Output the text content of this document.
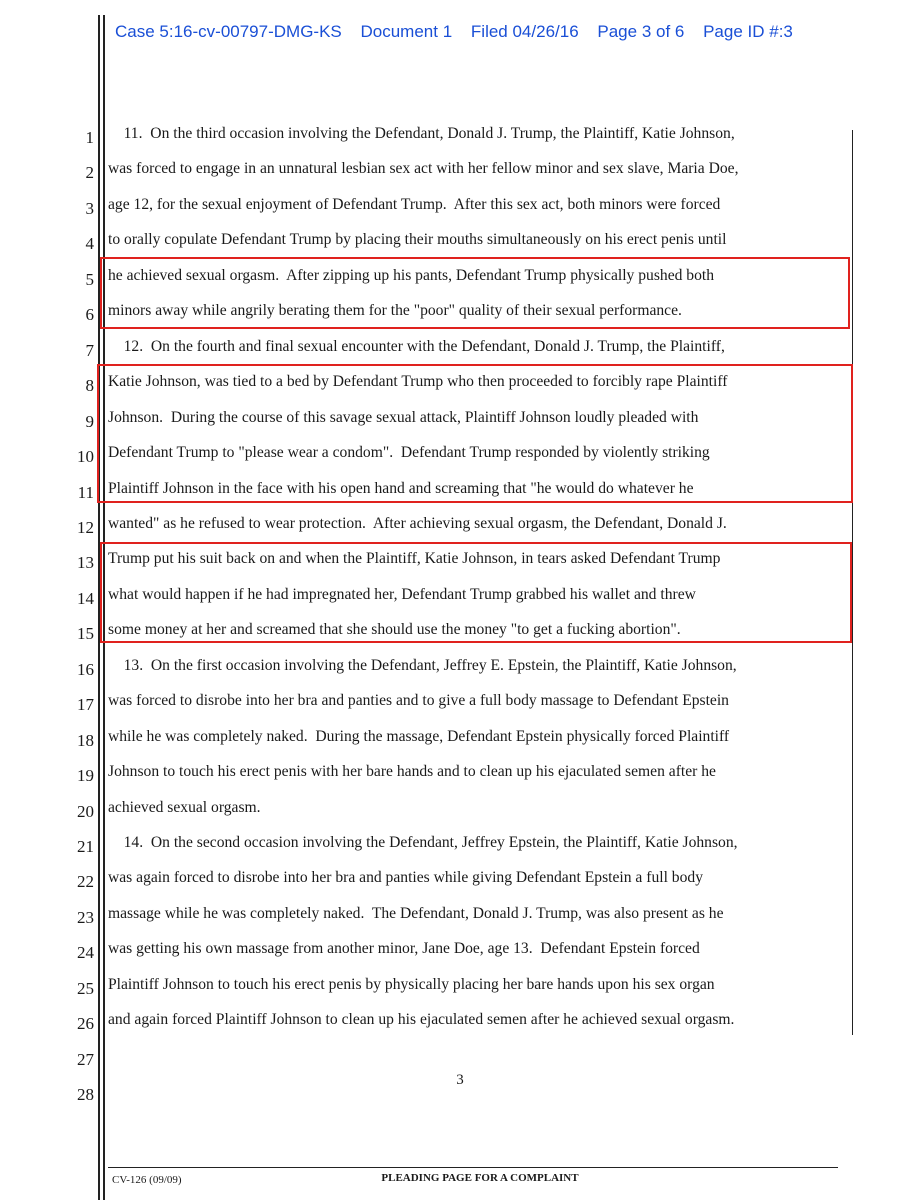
Case 5:16-cv-00797-DMG-KS Document 1 Filed 04/26/16 Page 3 of 6 Page ID #:3
1 11.  On the third occasion involving the Defendant, Donald J. Trump, the Plaintiff, Katie Johnson,
2 was forced to engage in an unnatural lesbian sex act with her fellow minor and sex slave, Maria Doe,
3 age 12, for the sexual enjoyment of Defendant Trump.  After this sex act, both minors were forced
4 to orally copulate Defendant Trump by placing their mouths simultaneously on his erect penis until
5 he achieved sexual orgasm.  After zipping up his pants, Defendant Trump physically pushed both
6 minors away while angrily berating them for the "poor" quality of their sexual performance.
7 12.  On the fourth and final sexual encounter with the Defendant, Donald J. Trump, the Plaintiff,
8 Katie Johnson, was tied to a bed by Defendant Trump who then proceeded to forcibly rape Plaintiff
9 Johnson.  During the course of this savage sexual attack, Plaintiff Johnson loudly pleaded with
10 Defendant Trump to "please wear a condom".  Defendant Trump responded by violently striking
11 Plaintiff Johnson in the face with his open hand and screaming that "he would do whatever he
12 wanted" as he refused to wear protection.  After achieving sexual orgasm, the Defendant, Donald J.
13 Trump put his suit back on and when the Plaintiff, Katie Johnson, in tears asked Defendant Trump
14 what would happen if he had impregnated her, Defendant Trump grabbed his wallet and threw
15 some money at her and screamed that she should use the money "to get a fucking abortion".
16 13.  On the first occasion involving the Defendant, Jeffrey E. Epstein, the Plaintiff, Katie Johnson,
17 was forced to disrobe into her bra and panties and to give a full body massage to Defendant Epstein
18 while he was completely naked.  During the massage, Defendant Epstein physically forced Plaintiff
19 Johnson to touch his erect penis with her bare hands and to clean up his ejaculated semen after he
20 achieved sexual orgasm.
21 14.  On the second occasion involving the Defendant, Jeffrey Epstein, the Plaintiff, Katie Johnson,
22 was again forced to disrobe into her bra and panties while giving Defendant Epstein a full body
23 massage while he was completely naked.  The Defendant, Donald J. Trump, was also present as he
24 was getting his own massage from another minor, Jane Doe, age 13.  Defendant Epstein forced
25 Plaintiff Johnson to touch his erect penis by physically placing her bare hands upon his sex organ
26 and again forced Plaintiff Johnson to clean up his ejaculated semen after he achieved sexual orgasm.
27
28
3
CV-126 (09/09)	PLEADING PAGE FOR A COMPLAINT
